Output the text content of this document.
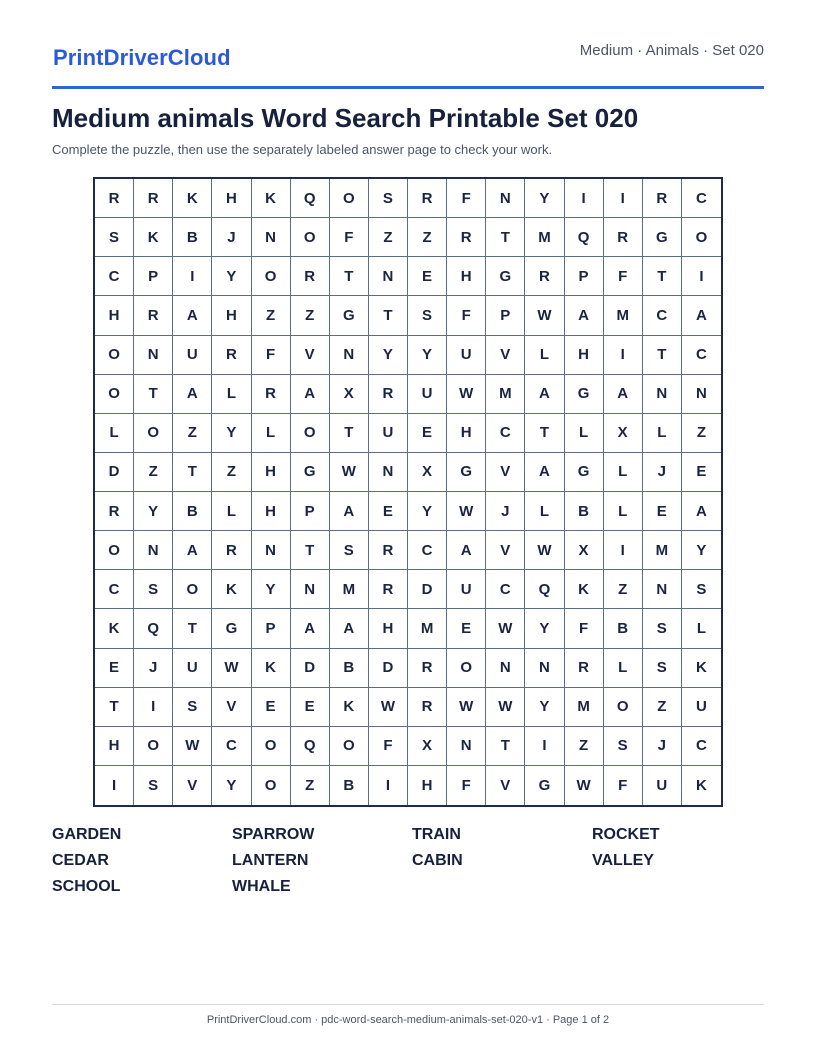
PrintDriverCloud	Medium · Animals · Set 020
Medium animals Word Search Printable Set 020
Complete the puzzle, then use the separately labeled answer page to check your work.
R	R	K	H	K	Q	O	S	R	F	N	Y	I	I	R	C
S	K	B	J	N	O	F	Z	Z	R	T	M	Q	R	G	O
C	P	I	Y	O	R	T	N	E	H	G	R	P	F	T	I
H	R	A	H	Z	Z	G	T	S	F	P	W	A	M	C	A
O	N	U	R	F	V	N	Y	Y	U	V	L	H	I	T	C
O	T	A	L	R	A	X	R	U	W	M	A	G	A	N	N
L	O	Z	Y	L	O	T	U	E	H	C	T	L	X	L	Z
D	Z	T	Z	H	G	W	N	X	G	V	A	G	L	J	E
R	Y	B	L	H	P	A	E	Y	W	J	L	B	L	E	A
O	N	A	R	N	T	S	R	C	A	V	W	X	I	M	Y
C	S	O	K	Y	N	M	R	D	U	C	Q	K	Z	N	S
K	Q	T	G	P	A	A	H	M	E	W	Y	F	B	S	L
E	J	U	W	K	D	B	D	R	O	N	N	R	L	S	K
T	I	S	V	E	E	K	W	R	W	W	Y	M	O	Z	U
H	O	W	C	O	Q	O	F	X	N	T	I	Z	S	J	C
I	S	V	Y	O	Z	B	I	H	F	V	G	W	F	U	K
GARDEN	SPARROW	TRAIN	ROCKET
CEDAR	LANTERN	CABIN	VALLEY
SCHOOL	WHALE
PrintDriverCloud.com · pdc-word-search-medium-animals-set-020-v1 · Page 1 of 2
